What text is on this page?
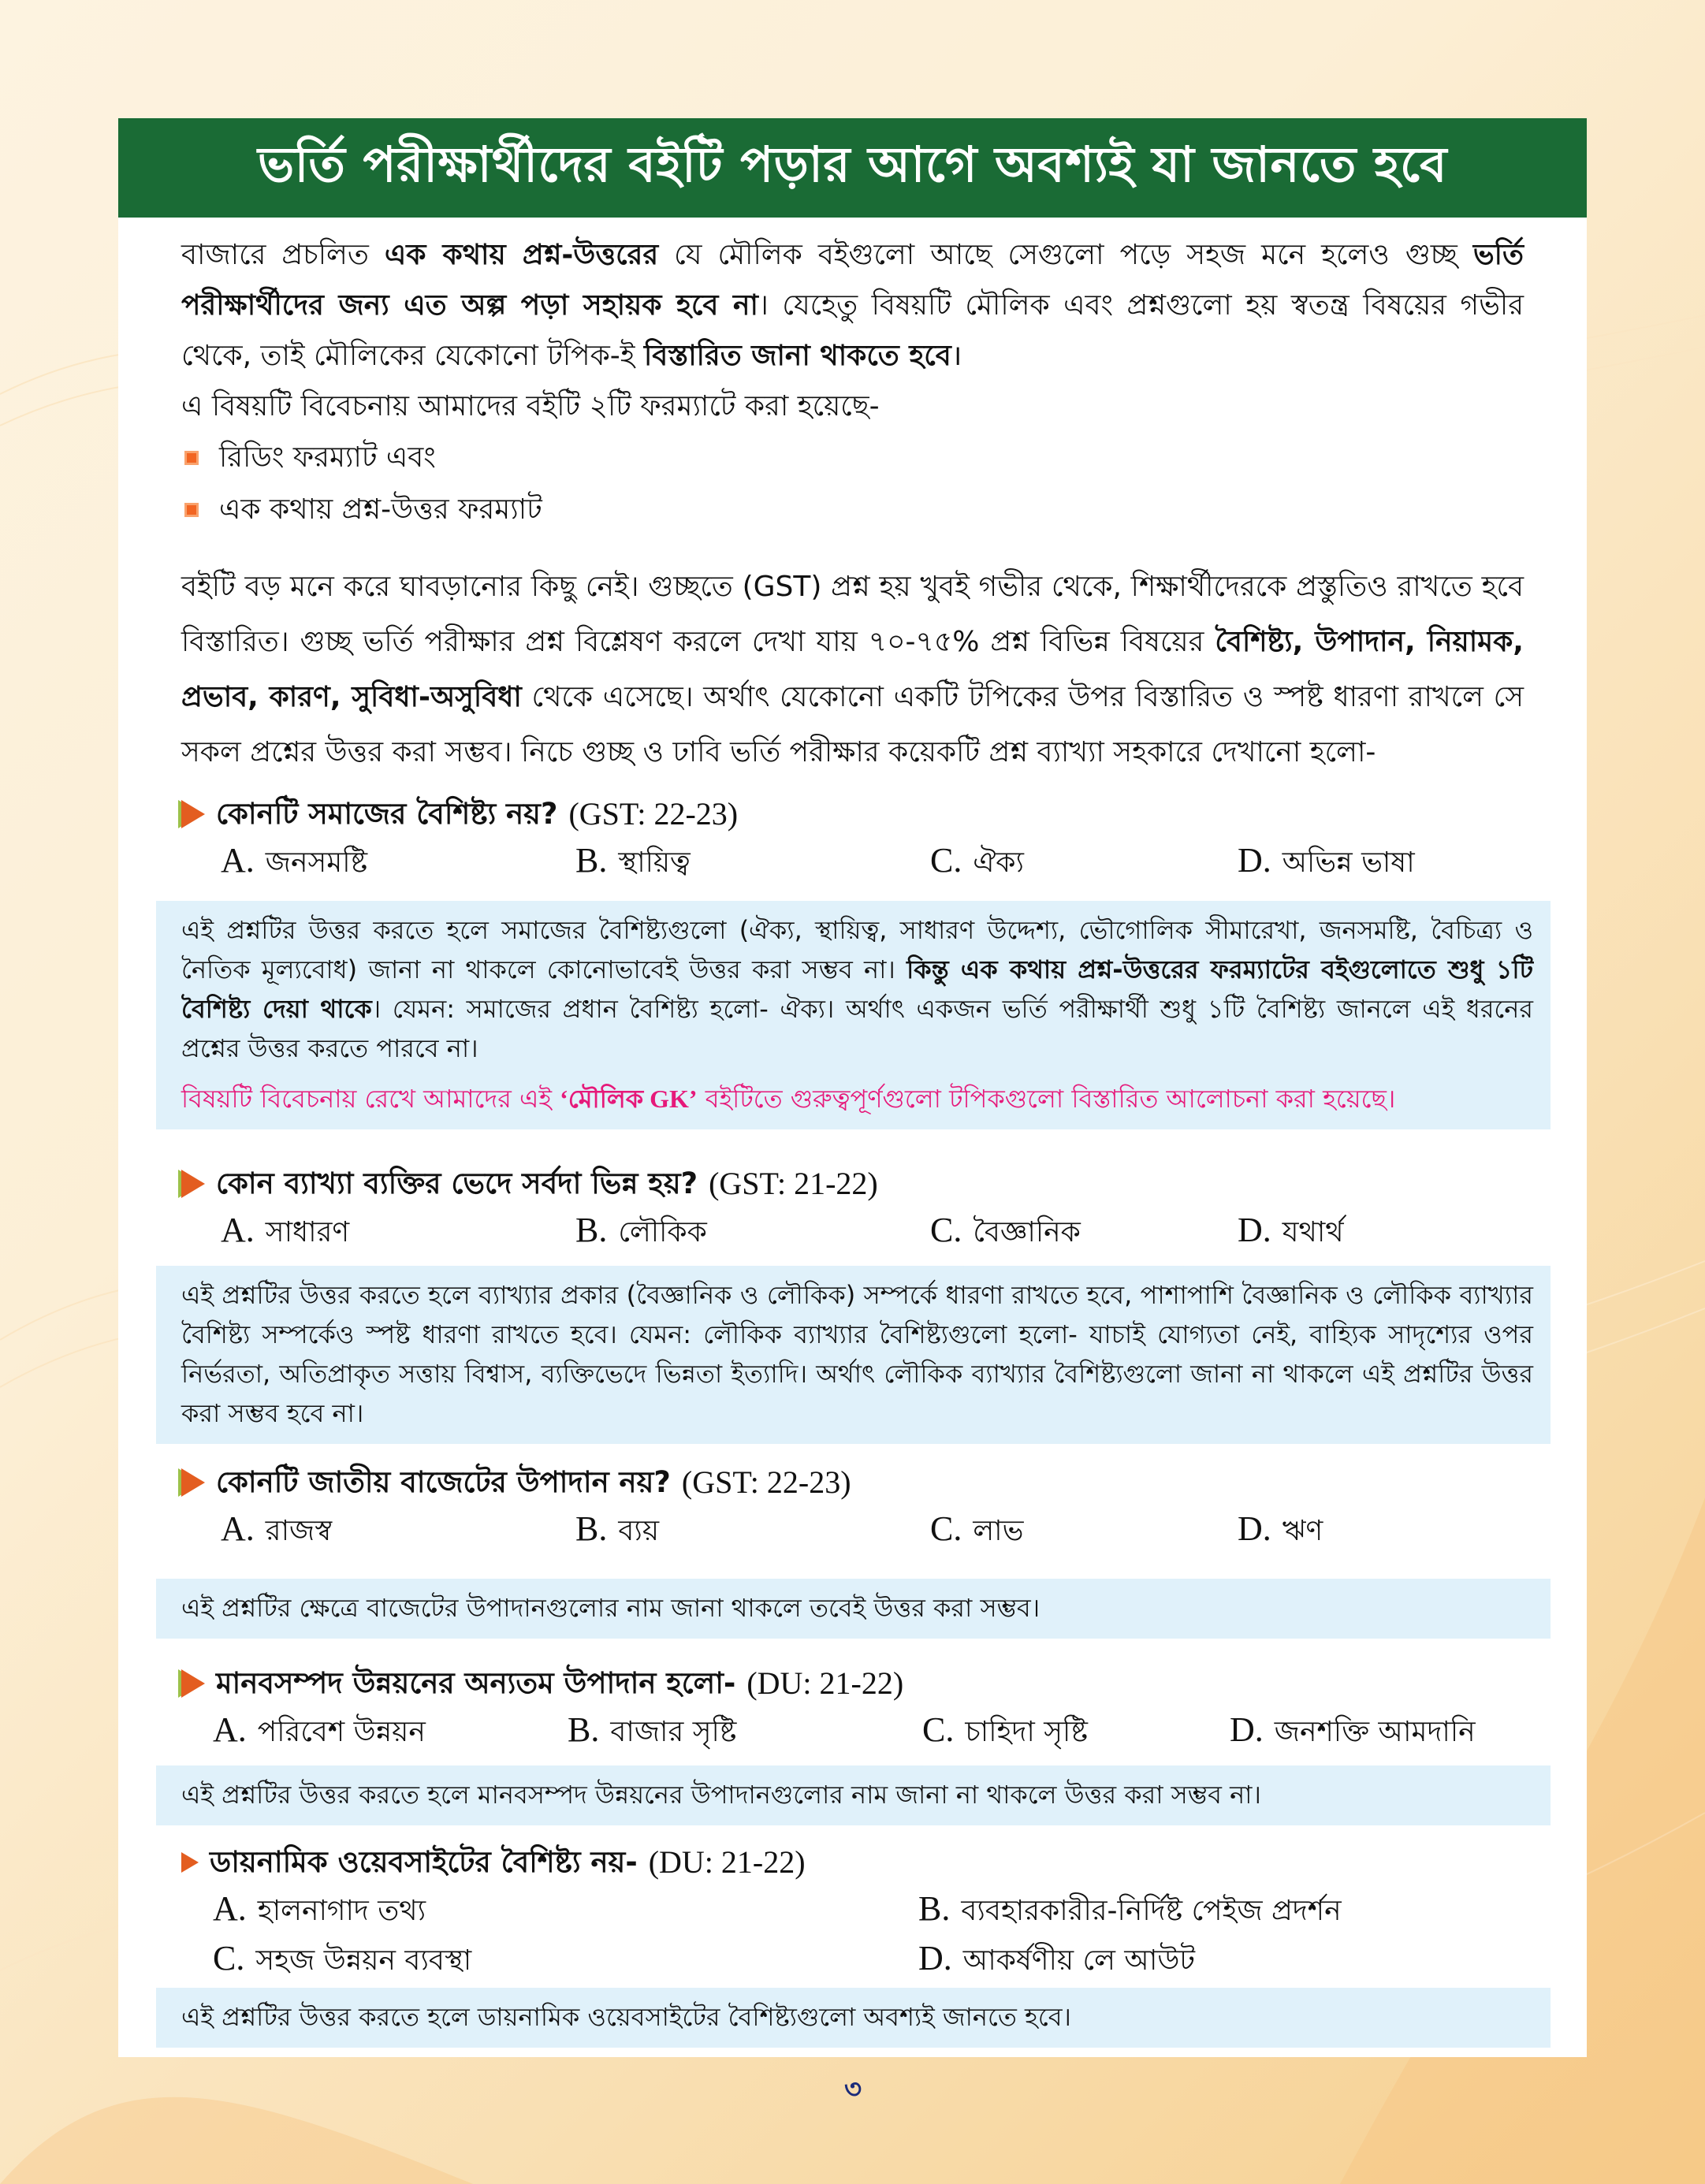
ভর্তি পরীক্ষার্থীদের বইটি পড়ার আগে অবশ্যই যা জানতে হবে

বাজারে প্রচলিত এক কথায় প্রশ্ন-উত্তরের যে মৌলিক বইগুলো আছে সেগুলো পড়ে সহজ মনে হলেও গুচ্ছ ভর্তি পরীক্ষার্থীদের জন্য এত অল্প পড়া সহায়ক হবে না। যেহেতু বিষয়টি মৌলিক এবং প্রশ্নগুলো হয় স্বতন্ত্র বিষয়ের গভীর থেকে, তাই মৌলিকের যেকোনো টপিক-ই বিস্তারিত জানা থাকতে হবে।

এ বিষয়টি বিবেচনায় আমাদের বইটি ২টি ফরম্যাটে করা হয়েছে-

রিডিং ফরম্যাট এবং
এক কথায় প্রশ্ন-উত্তর ফরম্যাট

বইটি বড় মনে করে ঘাবড়ানোর কিছু নেই। গুচ্ছতে (GST) প্রশ্ন হয় খুবই গভীর থেকে, শিক্ষার্থীদেরকে প্রস্তুতিও রাখতে হবে বিস্তারিত। গুচ্ছ ভর্তি পরীক্ষার প্রশ্ন বিশ্লেষণ করলে দেখা যায় ৭০-৭৫% প্রশ্ন বিভিন্ন বিষয়ের বৈশিষ্ট্য, উপাদান, নিয়ামক, প্রভাব, কারণ, সুবিধা-অসুবিধা থেকে এসেছে। অর্থাৎ যেকোনো একটি টপিকের উপর বিস্তারিত ও স্পষ্ট ধারণা রাখলে সে সকল প্রশ্নের উত্তর করা সম্ভব। নিচে গুচ্ছ ও ঢাবি ভর্তি পরীক্ষার কয়েকটি প্রশ্ন ব্যাখ্যা সহকারে দেখানো হলো-

কোনটি সমাজের বৈশিষ্ট্য নয়? (GST: 22-23)
A. জনসমষ্টি	B. স্থায়িত্ব	C. ঐক্য	D. অভিন্ন ভাষা
এই প্রশ্নটির উত্তর করতে হলে সমাজের বৈশিষ্ট্যগুলো (ঐক্য, স্থায়িত্ব, সাধারণ উদ্দেশ্য, ভৌগোলিক সীমারেখা, জনসমষ্টি, বৈচিত্র্য ও নৈতিক মূল্যবোধ) জানা না থাকলে কোনোভাবেই উত্তর করা সম্ভব না। কিন্তু এক কথায় প্রশ্ন-উত্তরের ফরম্যাটের বইগুলোতে শুধু ১টি বৈশিষ্ট্য দেয়া থাকে। যেমন: সমাজের প্রধান বৈশিষ্ট্য হলো- ঐক্য। অর্থাৎ একজন ভর্তি পরীক্ষার্থী শুধু ১টি বৈশিষ্ট্য জানলে এই ধরনের প্রশ্নের উত্তর করতে পারবে না।
বিষয়টি বিবেচনায় রেখে আমাদের এই ‘মৌলিক GK’ বইটিতে গুরুত্বপূর্ণগুলো টপিকগুলো বিস্তারিত আলোচনা করা হয়েছে।
কোন ব্যাখ্যা ব্যক্তির ভেদে সর্বদা ভিন্ন হয়? (GST: 21-22)
A. সাধারণ	B. লৌকিক	C. বৈজ্ঞানিক	D. যথার্থ
এই প্রশ্নটির উত্তর করতে হলে ব্যাখ্যার প্রকার (বৈজ্ঞানিক ও লৌকিক) সম্পর্কে ধারণা রাখতে হবে, পাশাপাশি বৈজ্ঞানিক ও লৌকিক ব্যাখ্যার বৈশিষ্ট্য সম্পর্কেও স্পষ্ট ধারণা রাখতে হবে। যেমন: লৌকিক ব্যাখ্যার বৈশিষ্ট্যগুলো হলো- যাচাই যোগ্যতা নেই, বাহ্যিক সাদৃশ্যের ওপর নির্ভরতা, অতিপ্রাকৃত সত্তায় বিশ্বাস, ব্যক্তিভেদে ভিন্নতা ইত্যাদি। অর্থাৎ লৌকিক ব্যাখ্যার বৈশিষ্ট্যগুলো জানা না থাকলে এই প্রশ্নটির উত্তর করা সম্ভব হবে না।
কোনটি জাতীয় বাজেটের উপাদান নয়? (GST: 22-23)
A. রাজস্ব	B. ব্যয়	C. লাভ	D. ঋণ
এই প্রশ্নটির ক্ষেত্রে বাজেটের উপাদানগুলোর নাম জানা থাকলে তবেই উত্তর করা সম্ভব।
মানবসম্পদ উন্নয়নের অন্যতম উপাদান হলো- (DU: 21-22)
A. পরিবেশ উন্নয়ন	B. বাজার সৃষ্টি	C. চাহিদা সৃষ্টি	D. জনশক্তি আমদানি
এই প্রশ্নটির উত্তর করতে হলে মানবসম্পদ উন্নয়নের উপাদানগুলোর নাম জানা না থাকলে উত্তর করা সম্ভব না।
ডায়নামিক ওয়েবসাইটের বৈশিষ্ট্য নয়- (DU: 21-22)
A. হালনাগাদ তথ্য	B. ব্যবহারকারীর-নির্দিষ্ট পেইজ প্রদর্শন
C. সহজ উন্নয়ন ব্যবস্থা	D. আকর্ষণীয় লে আউট
এই প্রশ্নটির উত্তর করতে হলে ডায়নামিক ওয়েবসাইটের বৈশিষ্ট্যগুলো অবশ্যই জানতে হবে।
৩
